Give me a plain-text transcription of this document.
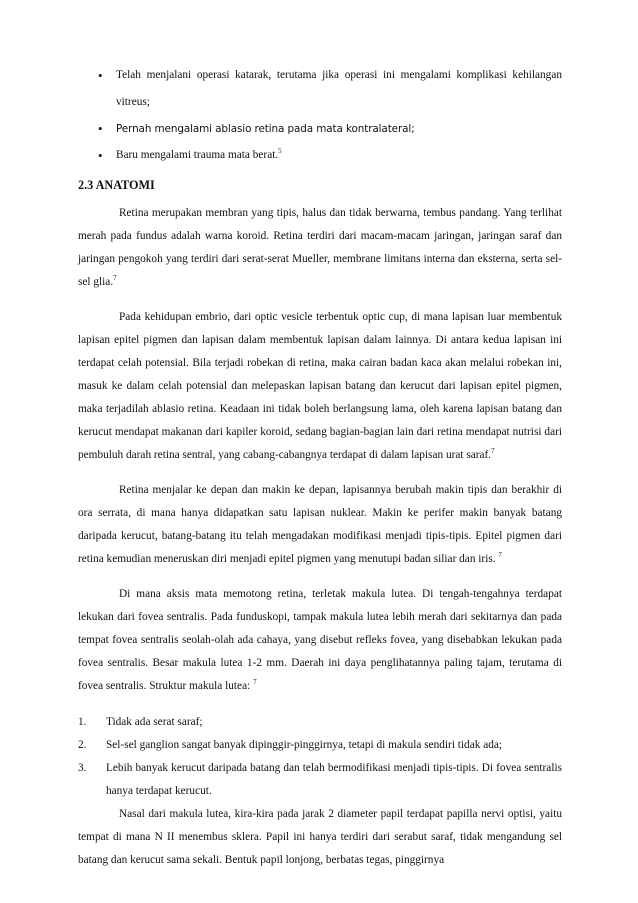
• Telah menjalani operasi katarak, terutama jika operasi ini mengalami komplikasi kehilangan vitreus;
• Pernah mengalami ablasio retina pada mata kontralateral;
• Baru mengalami trauma mata berat.$^5$
2.3 ANATOMI

Retina merupakan membran yang tipis, halus dan tidak berwarna, tembus pandang. Yang terlihat merah pada fundus adalah warna koroid. Retina terdiri dari macam-macam jaringan, jaringan saraf dan jaringan pengokoh yang terdiri dari serat-serat Mueller, membrane limitans interna dan eksterna, serta sel-sel glia.$^7$

Pada kehidupan embrio, dari optic vesicle terbentuk optic cup, di mana lapisan luar membentuk lapisan epitel pigmen dan lapisan dalam membentuk lapisan dalam lainnya. Di antara kedua lapisan ini terdapat celah potensial. Bila terjadi robekan di retina, maka cairan badan kaca akan melalui robekan ini, masuk ke dalam celah potensial dan melepaskan lapisan batang dan kerucut dari lapisan epitel pigmen, maka terjadilah ablasio retina. Keadaan ini tidak boleh berlangsung lama, oleh karena lapisan batang dan kerucut mendapat makanan dari kapiler koroid, sedang bagian-bagian lain dari retina mendapat nutrisi dari pembuluh darah retina sentral, yang cabang-cabangnya terdapat di dalam lapisan urat saraf.$^7$

Retina menjalar ke depan dan makin ke depan, lapisannya berubah makin tipis dan berakhir di ora serrata, di mana hanya didapatkan satu lapisan nuklear. Makin ke perifer makin banyak batang daripada kerucut, batang-batang itu telah mengadakan modifikasi menjadi tipis-tipis. Epitel pigmen dari retina kemudian meneruskan diri menjadi epitel pigmen yang menutupi badan siliar dan iris. $^7$

Di mana aksis mata memotong retina, terletak makula lutea. Di tengah-tengahnya terdapat lekukan dari fovea sentralis. Pada funduskopi, tampak makula lutea lebih merah dari sekitarnya dan pada tempat fovea sentralis seolah-olah ada cahaya, yang disebut refleks fovea, yang disebabkan lekukan pada fovea sentralis. Besar makula lutea 1-2 mm. Daerah ini daya penglihatannya paling tajam, terutama di fovea sentralis. Struktur makula lutea: $^7$

1.	Tidak ada serat saraf;
2.	Sel-sel ganglion sangat banyak dipinggir-pinggirnya, tetapi di makula sendiri tidak ada;
3.	Lebih banyak kerucut daripada batang dan telah bermodifikasi menjadi tipis-tipis. Di fovea sentralis hanya terdapat kerucut.

Nasal dari makula lutea, kira-kira pada jarak 2 diameter papil terdapat papilla nervi optisi, yaitu tempat di mana N II menembus sklera. Papil ini hanya terdiri dari serabut saraf, tidak mengandung sel batang dan kerucut sama sekali. Bentuk papil lonjong, berbatas tegas, pinggirnya
